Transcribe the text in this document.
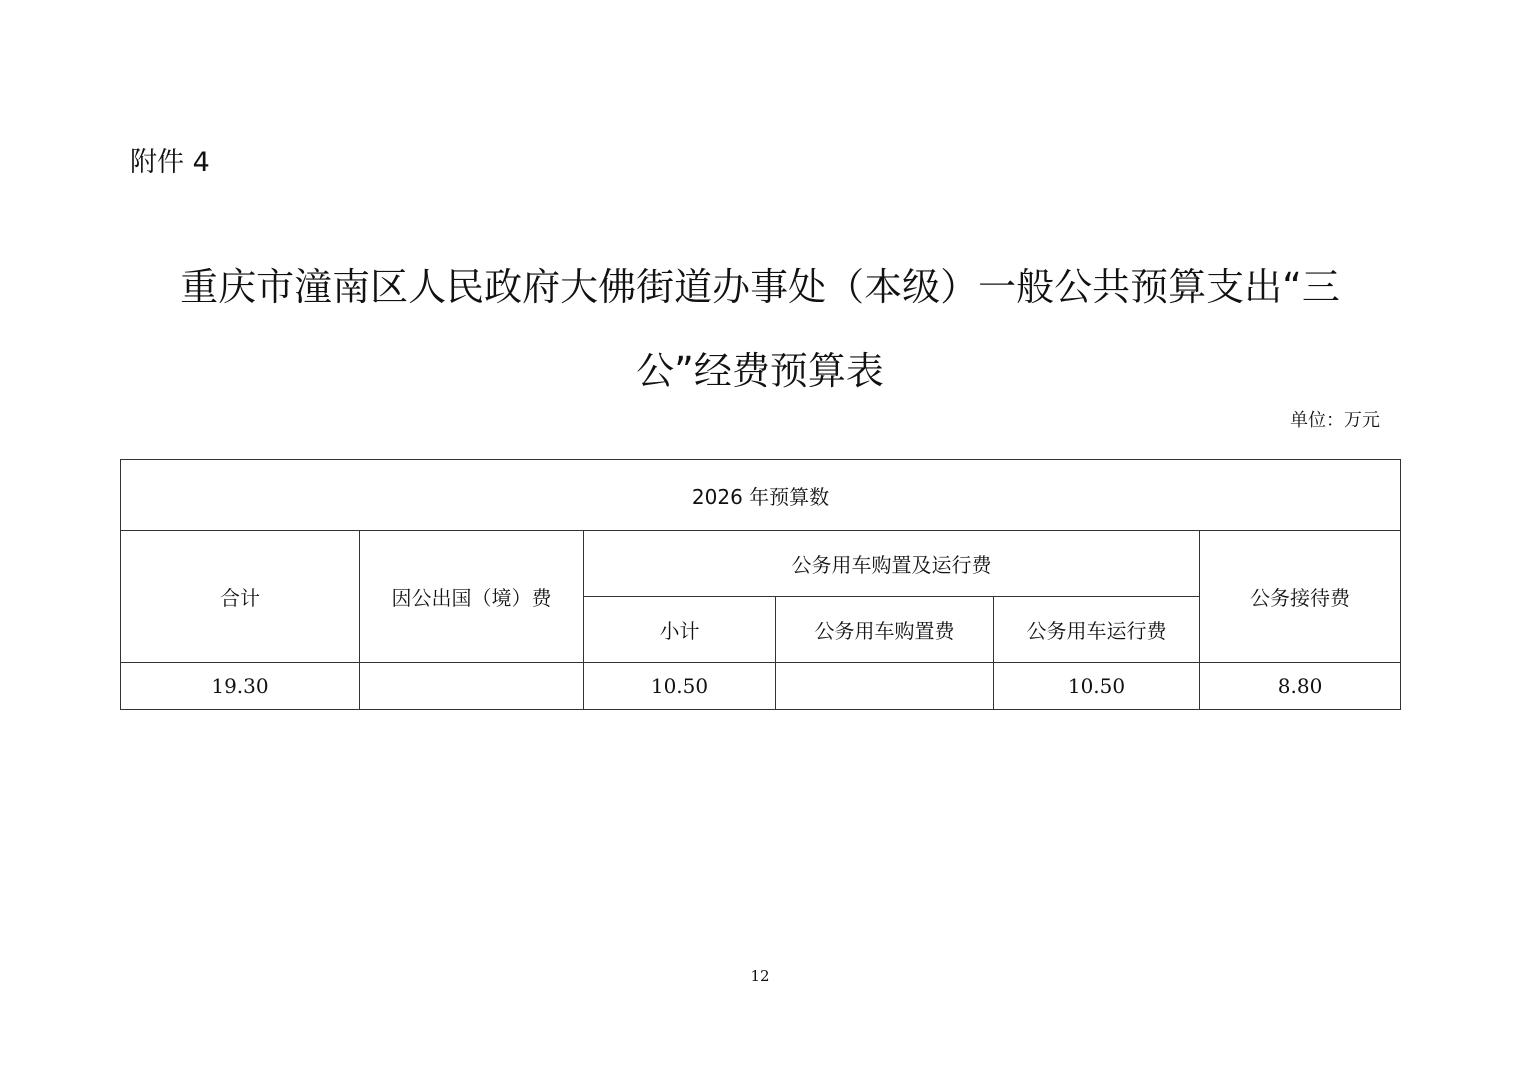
附件 4
重庆市潼南区人民政府大佛街道办事处（本级）一般公共预算支出“三
公”经费预算表
单位：万元
2026 年预算数					
合计	因公出国（境）费	公务用车购置及运行费			公务接待费
		小计	公务用车购置费	公务用车运行费	
19.30		10.50		10.50	8.80
12
